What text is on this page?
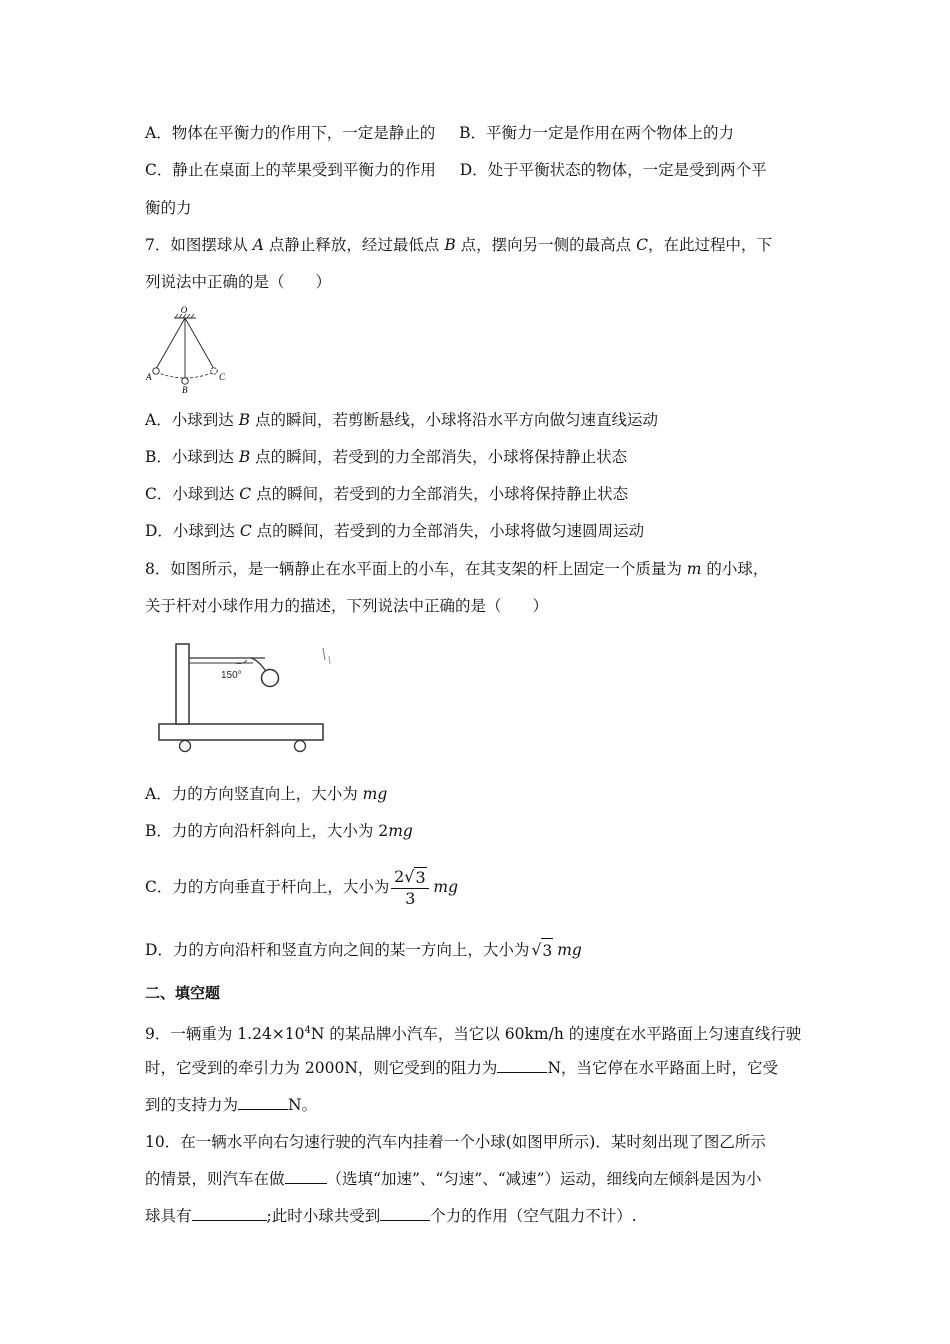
A．物体在平衡力的作用下，一定是静止的 B．平衡力一定是作用在两个物体上的力
C．静止在桌面上的苹果受到平衡力的作用 D．处于平衡状态的物体，一定是受到两个平
衡的力
7．如图摆球从 A 点静止释放，经过最低点 B 点，摆向另一侧的最高点 C，在此过程中，下
列说法中正确的是（　　）
O
A
B
C
A．小球到达 B 点的瞬间，若剪断悬线，小球将沿水平方向做匀速直线运动
B．小球到达 B 点的瞬间，若受到的力全部消失，小球将保持静止状态
C．小球到达 C 点的瞬间，若受到的力全部消失，小球将保持静止状态
D．小球到达 C 点的瞬间，若受到的力全部消失，小球将做匀速圆周运动
8．如图所示，是一辆静止在水平面上的小车，在其支架的杆上固定一个质量为 m 的小球，
关于杆对小球作用力的描述，下列说法中正确的是（　　）
150°
A．力的方向竖直向上，大小为 mg
B．力的方向沿杆斜向上，大小为 2mg
C．力的方向垂直于杆向上，大小为 $\frac{2 √ 3}{3}$ mg
D．力的方向沿杆和竖直方向之间的某一方向上，大小为 √ 3 mg
二、填空题
9．一辆重为 $1.24\times 10^4N$ 的某品牌小汽车，当它以 60km/h 的速度在水平路面上匀速直线行驶
时，它受到的牵引力为 2000N，则它受到的阻力为	N，当它停在水平路面上时，它受
到的支持力为	N。
10．在一辆水平向右匀速行驶的汽车内挂着一个小球(如图甲所示)．某时刻出现了图乙所示
的情景，则汽车在做	（选填“加速”、“匀速”、“减速”）运动，细线向左倾斜是因为小
球具有	;此时小球共受到	个力的作用（空气阻力不计）.
